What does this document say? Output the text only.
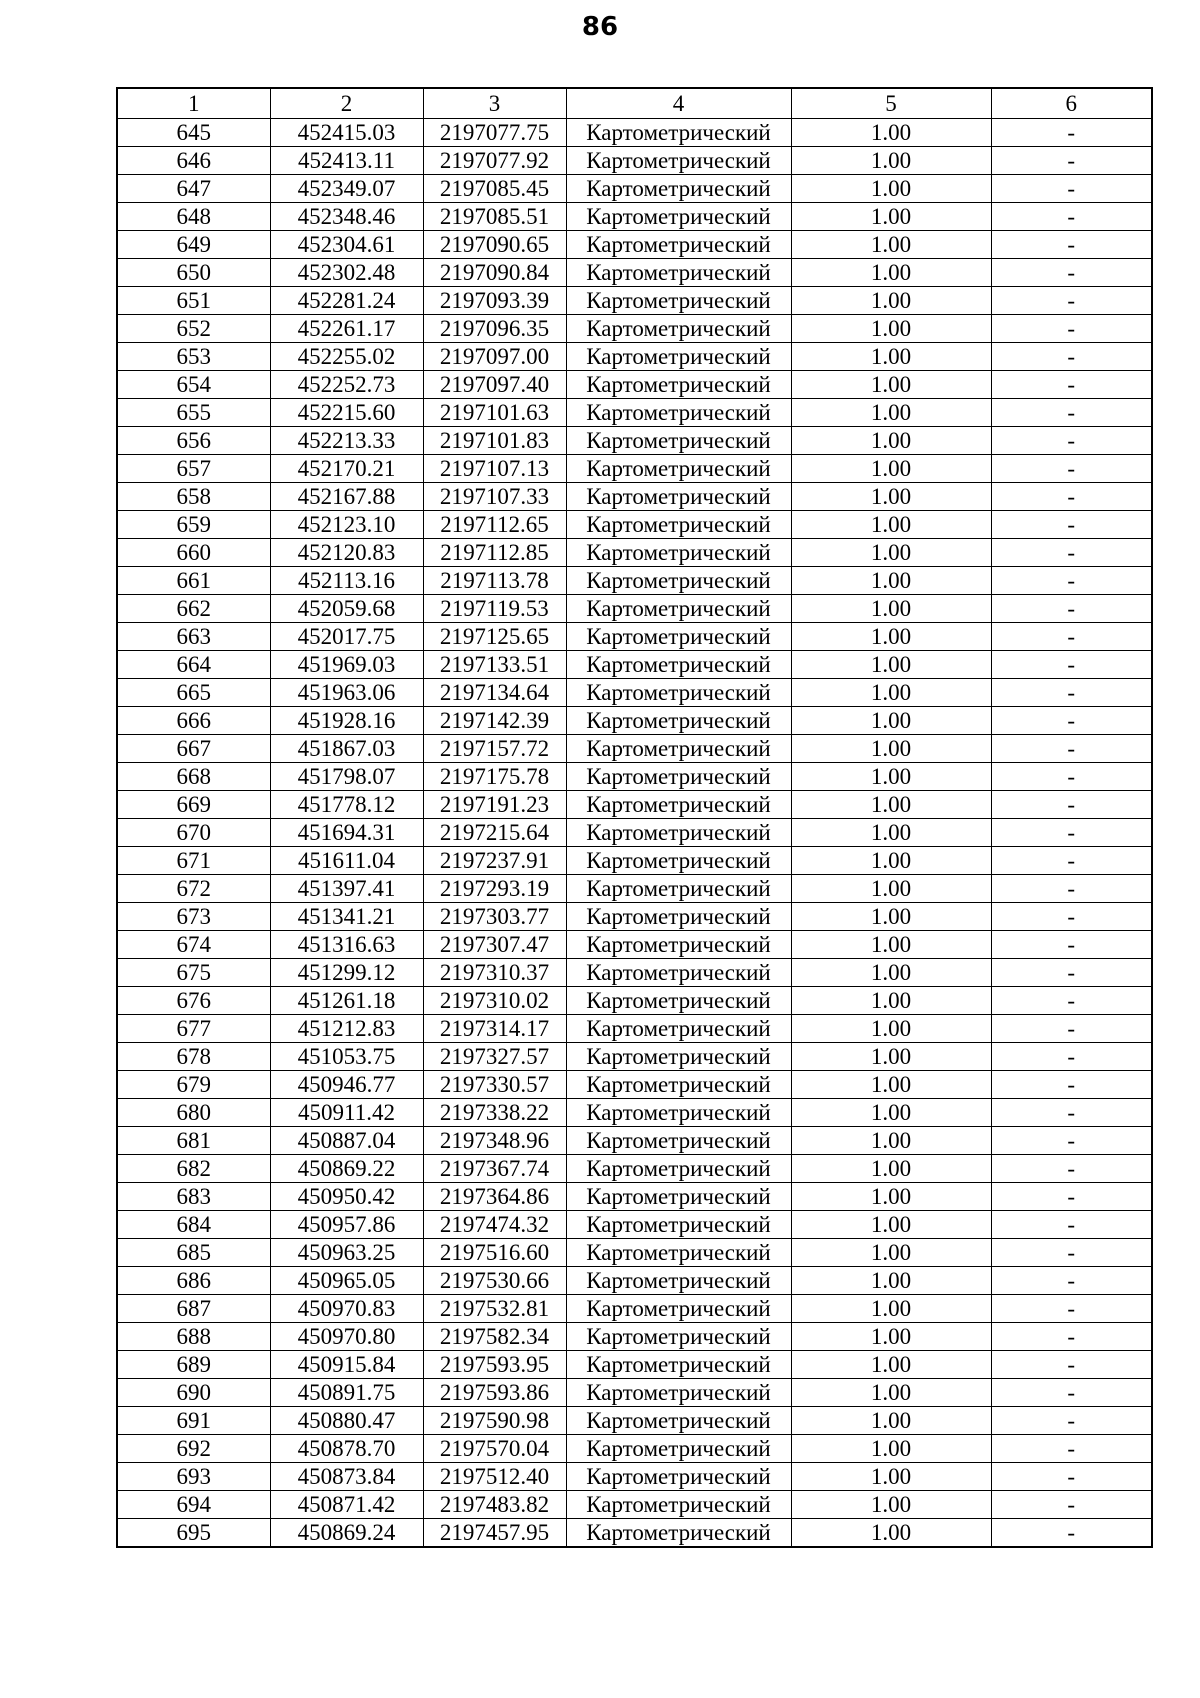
86
1	2	3	4	5	6
645	452415.03	2197077.75	Картометрический	1.00	-
646	452413.11	2197077.92	Картометрический	1.00	-
647	452349.07	2197085.45	Картометрический	1.00	-
648	452348.46	2197085.51	Картометрический	1.00	-
649	452304.61	2197090.65	Картометрический	1.00	-
650	452302.48	2197090.84	Картометрический	1.00	-
651	452281.24	2197093.39	Картометрический	1.00	-
652	452261.17	2197096.35	Картометрический	1.00	-
653	452255.02	2197097.00	Картометрический	1.00	-
654	452252.73	2197097.40	Картометрический	1.00	-
655	452215.60	2197101.63	Картометрический	1.00	-
656	452213.33	2197101.83	Картометрический	1.00	-
657	452170.21	2197107.13	Картометрический	1.00	-
658	452167.88	2197107.33	Картометрический	1.00	-
659	452123.10	2197112.65	Картометрический	1.00	-
660	452120.83	2197112.85	Картометрический	1.00	-
661	452113.16	2197113.78	Картометрический	1.00	-
662	452059.68	2197119.53	Картометрический	1.00	-
663	452017.75	2197125.65	Картометрический	1.00	-
664	451969.03	2197133.51	Картометрический	1.00	-
665	451963.06	2197134.64	Картометрический	1.00	-
666	451928.16	2197142.39	Картометрический	1.00	-
667	451867.03	2197157.72	Картометрический	1.00	-
668	451798.07	2197175.78	Картометрический	1.00	-
669	451778.12	2197191.23	Картометрический	1.00	-
670	451694.31	2197215.64	Картометрический	1.00	-
671	451611.04	2197237.91	Картометрический	1.00	-
672	451397.41	2197293.19	Картометрический	1.00	-
673	451341.21	2197303.77	Картометрический	1.00	-
674	451316.63	2197307.47	Картометрический	1.00	-
675	451299.12	2197310.37	Картометрический	1.00	-
676	451261.18	2197310.02	Картометрический	1.00	-
677	451212.83	2197314.17	Картометрический	1.00	-
678	451053.75	2197327.57	Картометрический	1.00	-
679	450946.77	2197330.57	Картометрический	1.00	-
680	450911.42	2197338.22	Картометрический	1.00	-
681	450887.04	2197348.96	Картометрический	1.00	-
682	450869.22	2197367.74	Картометрический	1.00	-
683	450950.42	2197364.86	Картометрический	1.00	-
684	450957.86	2197474.32	Картометрический	1.00	-
685	450963.25	2197516.60	Картометрический	1.00	-
686	450965.05	2197530.66	Картометрический	1.00	-
687	450970.83	2197532.81	Картометрический	1.00	-
688	450970.80	2197582.34	Картометрический	1.00	-
689	450915.84	2197593.95	Картометрический	1.00	-
690	450891.75	2197593.86	Картометрический	1.00	-
691	450880.47	2197590.98	Картометрический	1.00	-
692	450878.70	2197570.04	Картометрический	1.00	-
693	450873.84	2197512.40	Картометрический	1.00	-
694	450871.42	2197483.82	Картометрический	1.00	-
695	450869.24	2197457.95	Картометрический	1.00	-
